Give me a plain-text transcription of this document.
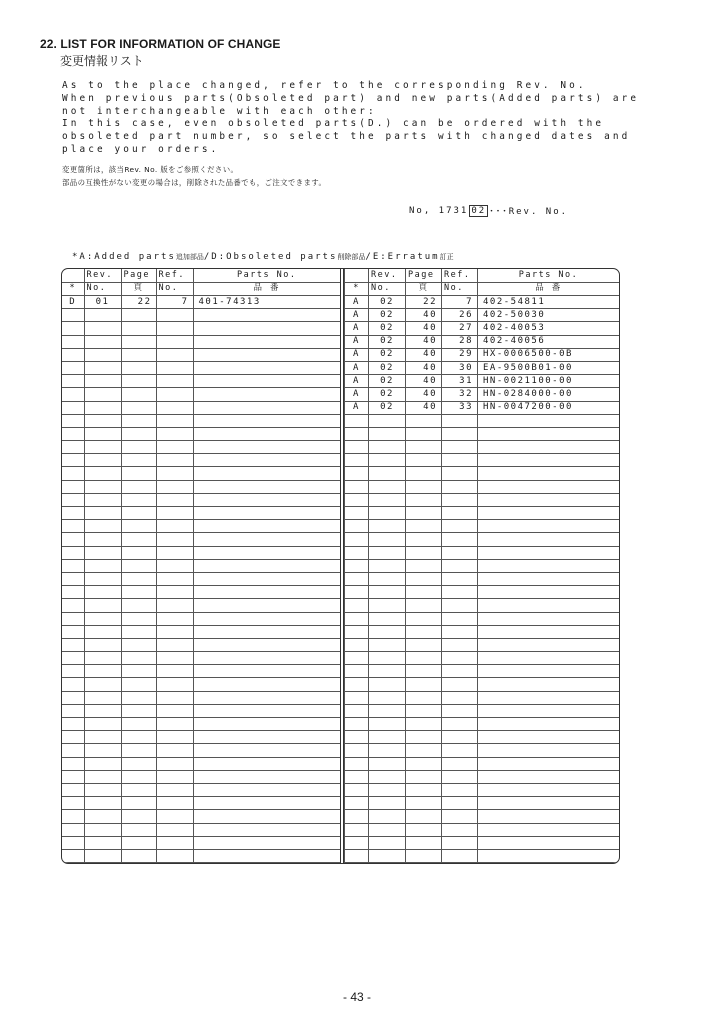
22. LIST FOR INFORMATION OF CHANGE
変更情報リスト
As to the place changed, refer to the corresponding Rev. No.
When previous parts(Obsoleted part) and new parts(Added parts) are
not interchangeable with each other:
In this case, even obsoleted parts(D.) can be ordered with the
obsoleted part number, so select the parts with changed dates and
place your orders.
変更箇所は，該当Rev. No. 版をご参照ください。
部品の互換性がない変更の場合は，削除された品番でも，ご注文できます。
No, 1731 02 ･･･Rev. No.
*A:Added parts追加部品/D:Obsoleted parts削除部品/E:Erratum訂正
	Rev.	Page	Ref.	Parts No.
*	No.	頁	No.	品 番
D	01	22	7	401-74313

	Rev.	Page	Ref.	Parts No.
*	No.	頁	No.	品 番
A	02	22	7	402-54811
A	02	40	26	402-50030
A	02	40	27	402-40053
A	02	40	28	402-40056
A	02	40	29	HX-0006500-0B
A	02	40	30	EA-9500B01-00
A	02	40	31	HN-0021100-00
A	02	40	32	HN-0284000-00
A	02	40	33	HN-0047200-00

- 43 -
